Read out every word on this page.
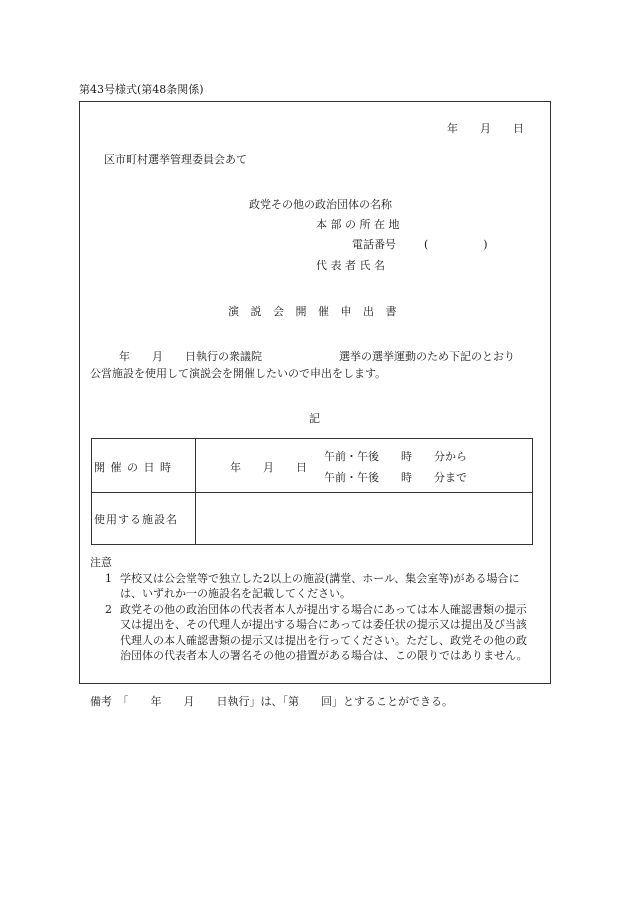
第43号様式(第48条関係)
年　　月　　日
区市町村選挙管理委員会あて
政党その他の政治団体の名称
本 部 の 所 在 地
電話番号	(　　　　　)
代 表 者 氏 名
演 説 会 開 催 申 出 書
　年　　月　　日執行の衆議院　　　　　　　選挙の選挙運動のため下記のとおり
公営施設を使用して演説会を開催したいので申出をします。
記
開 催 の 日 時	年　　月　　日
午前・午後　　時　　分から
午前・午後　　時　　分まで
使用する施設名
注意
1 学校又は公会堂等で独立した2以上の施設(講堂、ホール、集会室等)がある場合には、いずれか一の施設名を記載してください。
2 政党その他の政治団体の代表者本人が提出する場合にあっては本人確認書類の提示又は提出を、その代理人が提出する場合にあっては委任状の提示又は提出及び当該代理人の本人確認書類の提示又は提出を行ってください。ただし、政党その他の政治団体の代表者本人の署名その他の措置がある場合は、この限りではありません。
備考　「　　年　　月　　日執行」は、「第　　回」とすることができる。
